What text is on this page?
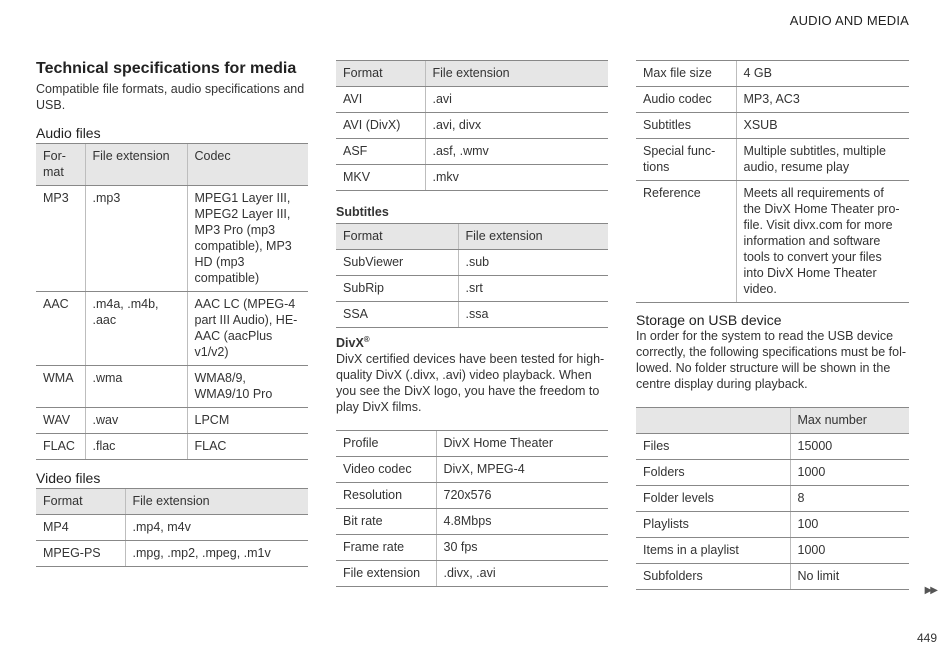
AUDIO AND MEDIA
Technical specifications for media

Compatible file formats, audio specifications and USB.

Audio files
For-mat	File extension	Codec
MP3	.mp3	MPEG1 Layer III, MPEG2 Layer III, MP3 Pro (mp3 compatible), MP3 HD (mp3 compatible)
AAC	.m4a, .m4b, .aac	AAC LC (MPEG-4 part III Audio), HE-AAC (aacPlus v1/v2)
WMA	.wma	WMA8/9, WMA9/10 Pro
WAV	.wav	LPCM
FLAC	.flac	FLAC
Video files
Format	File extension
MP4	.mp4, m4v
MPEG-PS	.mpg, .mp2, .mpeg, .m1v
Format	File extension
AVI	.avi
AVI (DivX)	.avi, divx
ASF	.asf, .wmv
MKV	.mkv
Subtitles
Format	File extension
SubViewer	.sub
SubRip	.srt
SSA	.ssa
DivX®

DivX certified devices have been tested for high-quality DivX (.divx, .avi) video playback. When you see the DivX logo, you have the freedom to play DivX films.

Profile	DivX Home Theater
Video codec	DivX, MPEG-4
Resolution	720x576
Bit rate	4.8Mbps
Frame rate	30 fps
File extension	.divx, .avi
Max file size	4 GB
Audio codec	MP3, AC3
Subtitles	XSUB
Special func-tions	Multiple subtitles, multiple audio, resume play
Reference	Meets all requirements of the DivX Home Theater pro-file. Visit divx.com for more information and software tools to convert your files into DivX Home Theater video.
Storage on USB device

In order for the system to read the USB device correctly, the following specifications must be fol-lowed. No folder structure will be shown in the centre display during playback.

	Max number
Files	15000
Folders	1000
Folder levels	8
Playlists	100
Items in a playlist	1000
Subfolders	No limit
▶▶
449
